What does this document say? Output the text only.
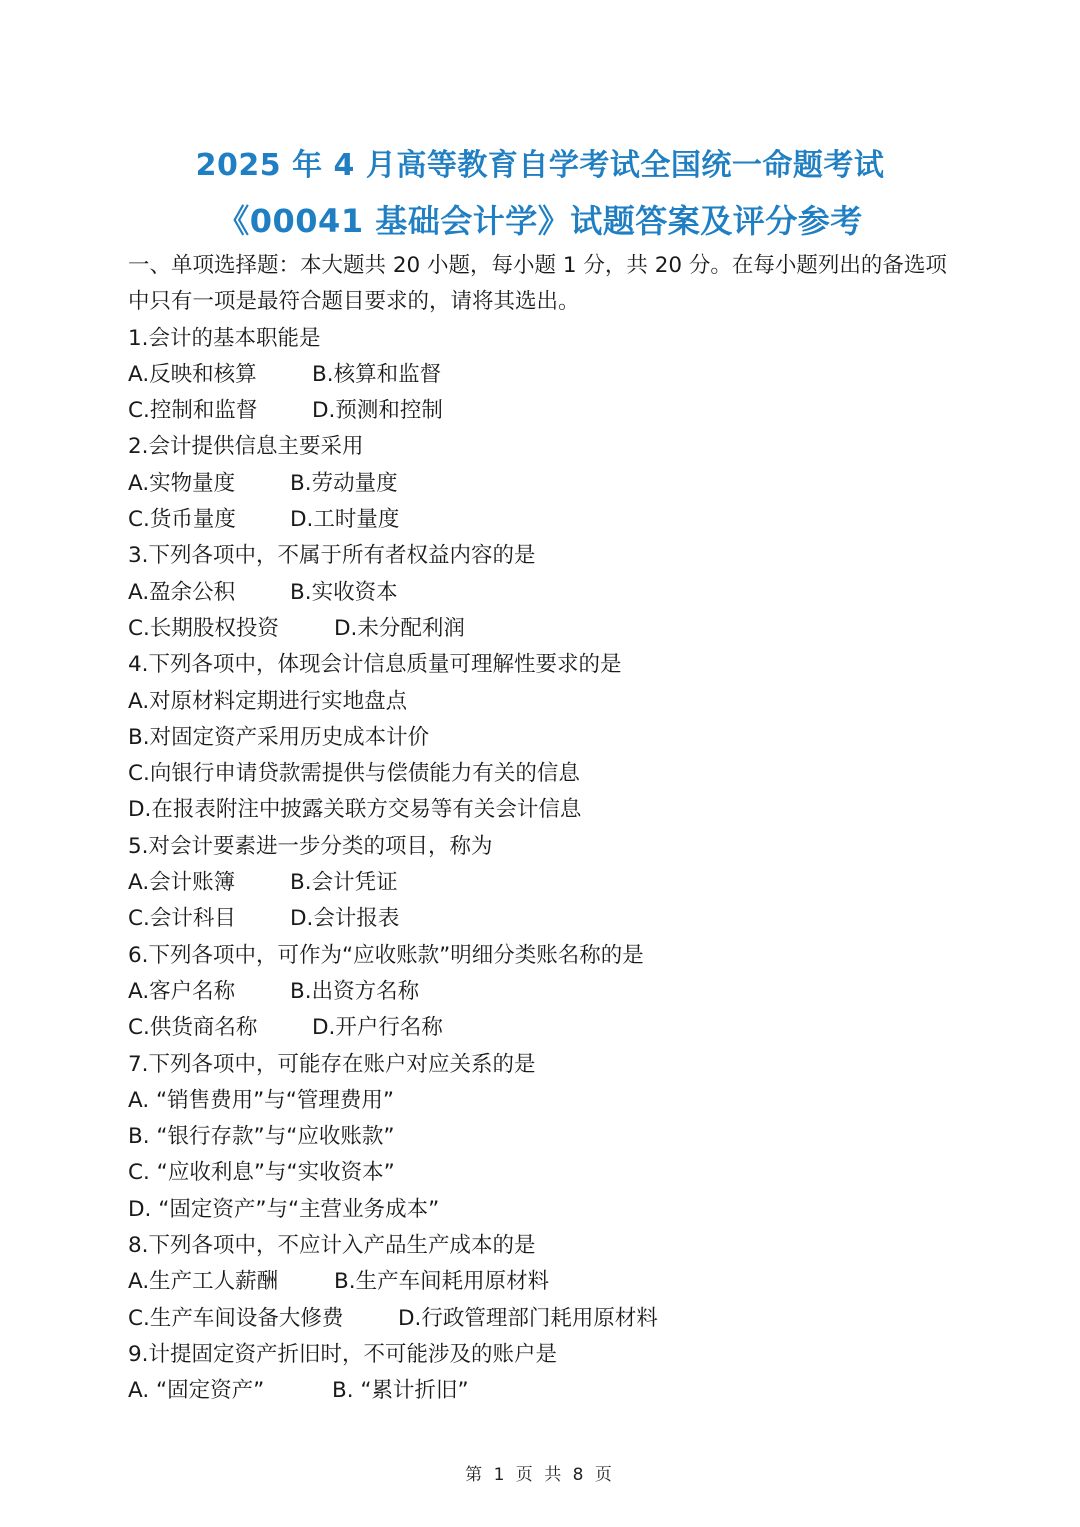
2025 年 4 月高等教育自学考试全国统一命题考试
《00041 基础会计学》试题答案及评分参考
一、单项选择题：本大题共 20 小题，每小题 1 分，共 20 分。在每小题列出的备选项
中只有一项是最符合题目要求的，请将其选出。
1.会计的基本职能是
A.反映和核算	B.核算和监督
C.控制和监督	D.预测和控制
2.会计提供信息主要采用
A.实物量度	B.劳动量度
C.货币量度	D.工时量度
3.下列各项中，不属于所有者权益内容的是
A.盈余公积	B.实收资本
C.长期股权投资	D.未分配利润
4.下列各项中，体现会计信息质量可理解性要求的是
A.对原材料定期进行实地盘点
B.对固定资产采用历史成本计价
C.向银行申请贷款需提供与偿债能力有关的信息
D.在报表附注中披露关联方交易等有关会计信息
5.对会计要素进一步分类的项目，称为
A.会计账簿	B.会计凭证
C.会计科目	D.会计报表
6.下列各项中，可作为“应收账款”明细分类账名称的是
A.客户名称	B.出资方名称
C.供货商名称	D.开户行名称
7.下列各项中，可能存在账户对应关系的是
A. “销售费用”与“管理费用”
B. “银行存款”与“应收账款”
C. “应收利息”与“实收资本”
D. “固定资产”与“主营业务成本”
8.下列各项中，不应计入产品生产成本的是
A.生产工人薪酬	B.生产车间耗用原材料
C.生产车间设备大修费	D.行政管理部门耗用原材料
9.计提固定资产折旧时，不可能涉及的账户是
A. “固定资产”	B. “累计折旧”
第 1 页 共 8 页
